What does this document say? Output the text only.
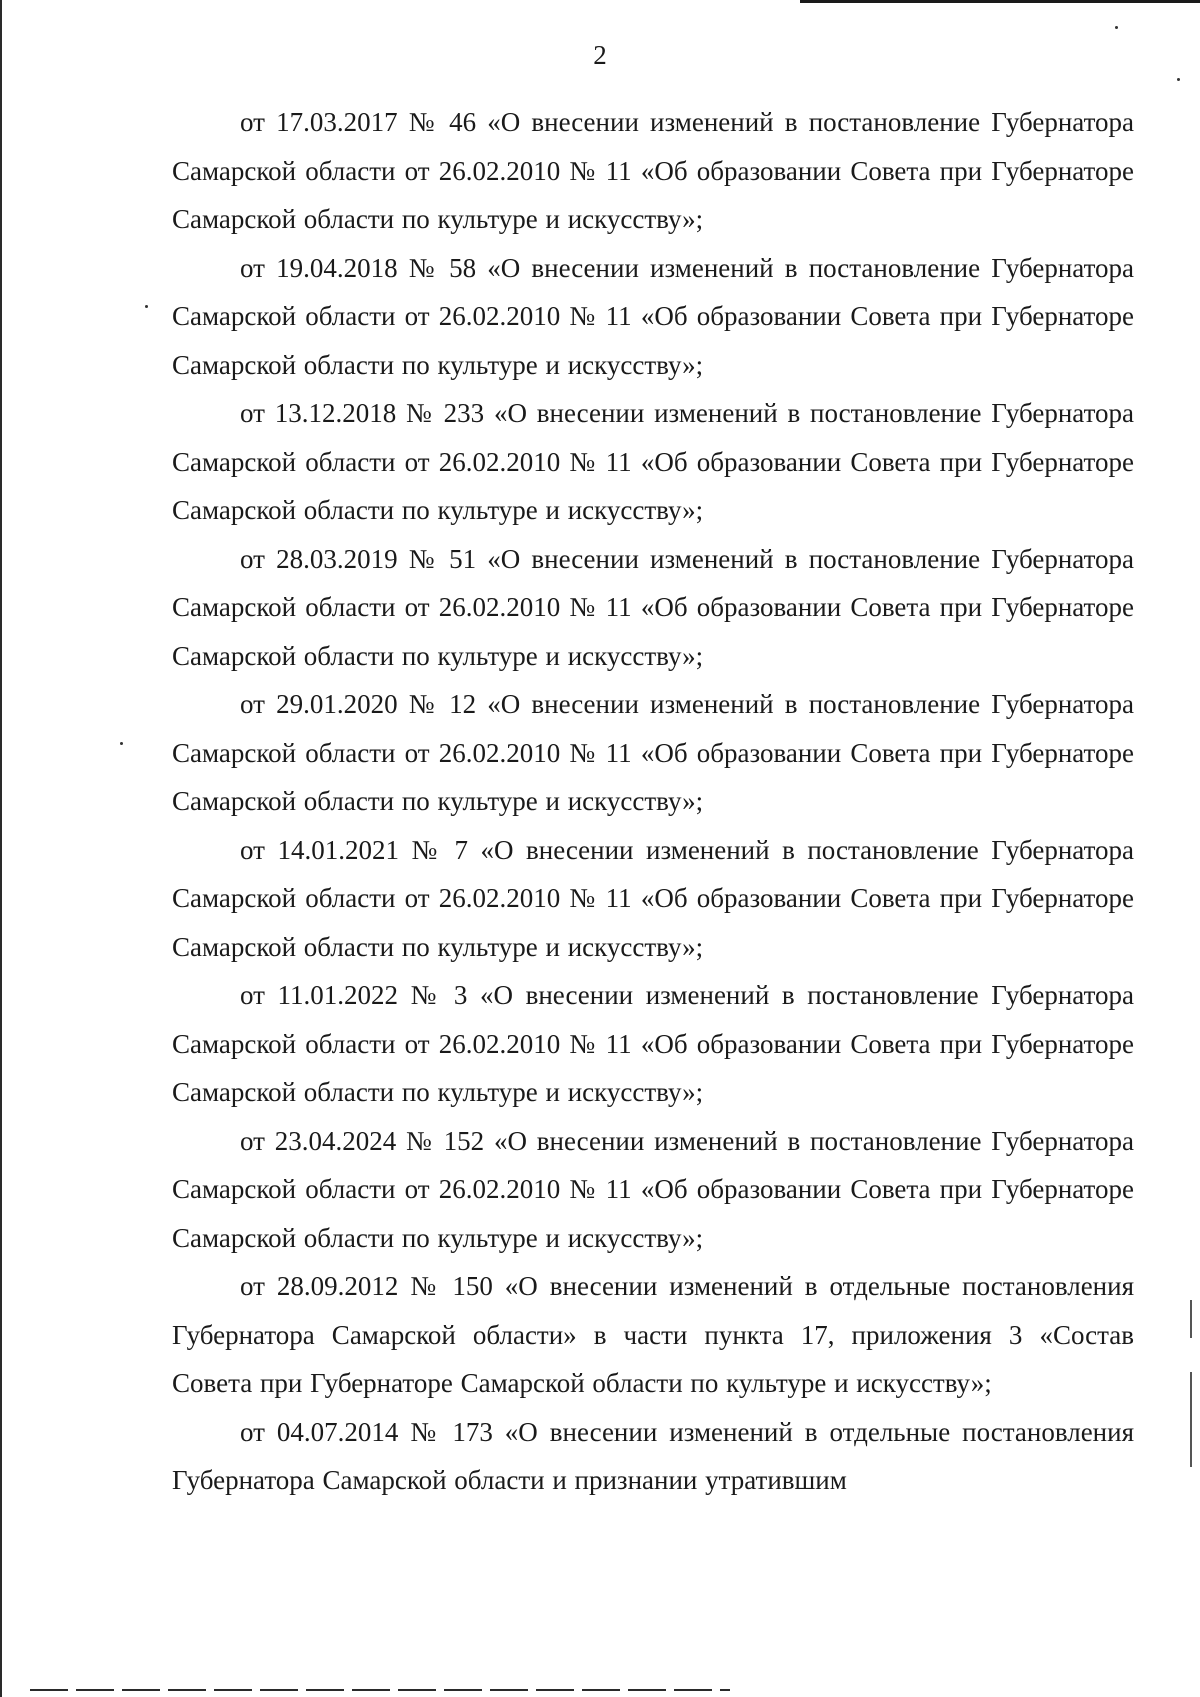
2

от 17.03.2017 № 46 «О внесении изменений в постановление Губернатора Самарской области от 26.02.2010 № 11 «Об образовании Совета при Губернаторе Самарской области по культуре и искусству»;

от 19.04.2018 № 58 «О внесении изменений в постановление Губернатора Самарской области от 26.02.2010 № 11 «Об образовании Совета при Губернаторе Самарской области по культуре и искусству»;

от 13.12.2018 № 233 «О внесении изменений в постановление Губернатора Самарской области от 26.02.2010 № 11 «Об образовании Совета при Губернаторе Самарской области по культуре и искусству»;

от 28.03.2019 № 51 «О внесении изменений в постановление Губернатора Самарской области от 26.02.2010 № 11 «Об образовании Совета при Губернаторе Самарской области по культуре и искусству»;

от 29.01.2020 № 12 «О внесении изменений в постановление Губернатора Самарской области от 26.02.2010 № 11 «Об образовании Совета при Губернаторе Самарской области по культуре и искусству»;

от 14.01.2021 № 7 «О внесении изменений в постановление Губернатора Самарской области от 26.02.2010 № 11 «Об образовании Совета при Губернаторе Самарской области по культуре и искусству»;

от 11.01.2022 № 3 «О внесении изменений в постановление Губернатора Самарской области от 26.02.2010 № 11 «Об образовании Совета при Губернаторе Самарской области по культуре и искусству»;

от 23.04.2024 № 152 «О внесении изменений в постановление Губернатора Самарской области от 26.02.2010 № 11 «Об образовании Совета при Губернаторе Самарской области по культуре и искусству»;

от 28.09.2012 № 150 «О внесении изменений в отдельные постановления Губернатора Самарской области» в части пункта 17, приложения 3 «Состав Совета при Губернаторе Самарской области по культуре и искусству»;

от 04.07.2014 № 173 «О внесении изменений в отдельные постановления Губернатора Самарской области и признании утратившим
